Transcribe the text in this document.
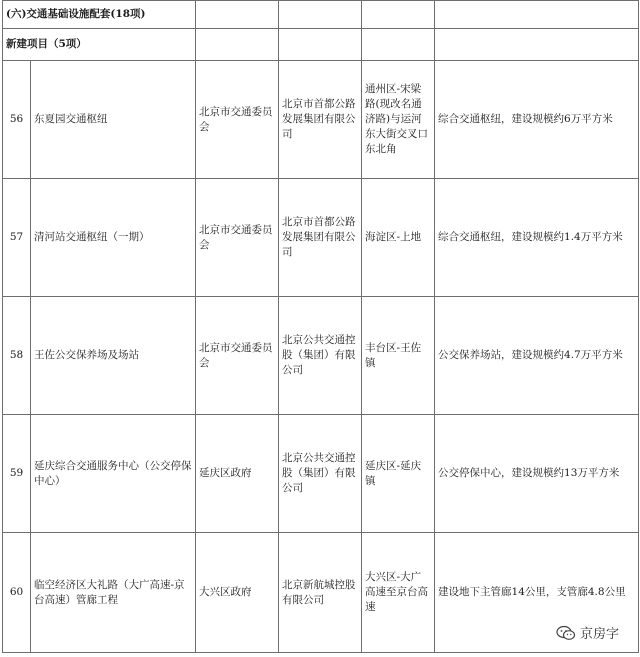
(六)交通基础设施配套(18项)					
新建项目（5项）					
56	东夏园交通枢纽	北京市交通委员会	北京市首都公路发展集团有限公司	通州区-宋梁路(现改名通济路)与运河东大街交叉口东北角	综合交通枢纽，建设规模约6万平方米
57	清河站交通枢纽（一期）	北京市交通委员会	北京市首都公路发展集团有限公司	海淀区-上地	综合交通枢纽，建设规模约1.4万平方米
58	王佐公交保养场及场站	北京市交通委员会	北京公共交通控股（集团）有限公司	丰台区-王佐镇	公交保养场站，建设规模约4.7万平方米
59	延庆综合交通服务中心（公交停保中心）	延庆区政府	北京公共交通控股（集团）有限公司	延庆区-延庆镇	公交停保中心，建设规模约13万平方米
60	临空经济区大礼路（大广高速-京台高速）管廊工程	大兴区政府	北京新航城控股有限公司	大兴区-大广高速至京台高速	建设地下主管廊14公里，支管廊4.8公里
京房字
